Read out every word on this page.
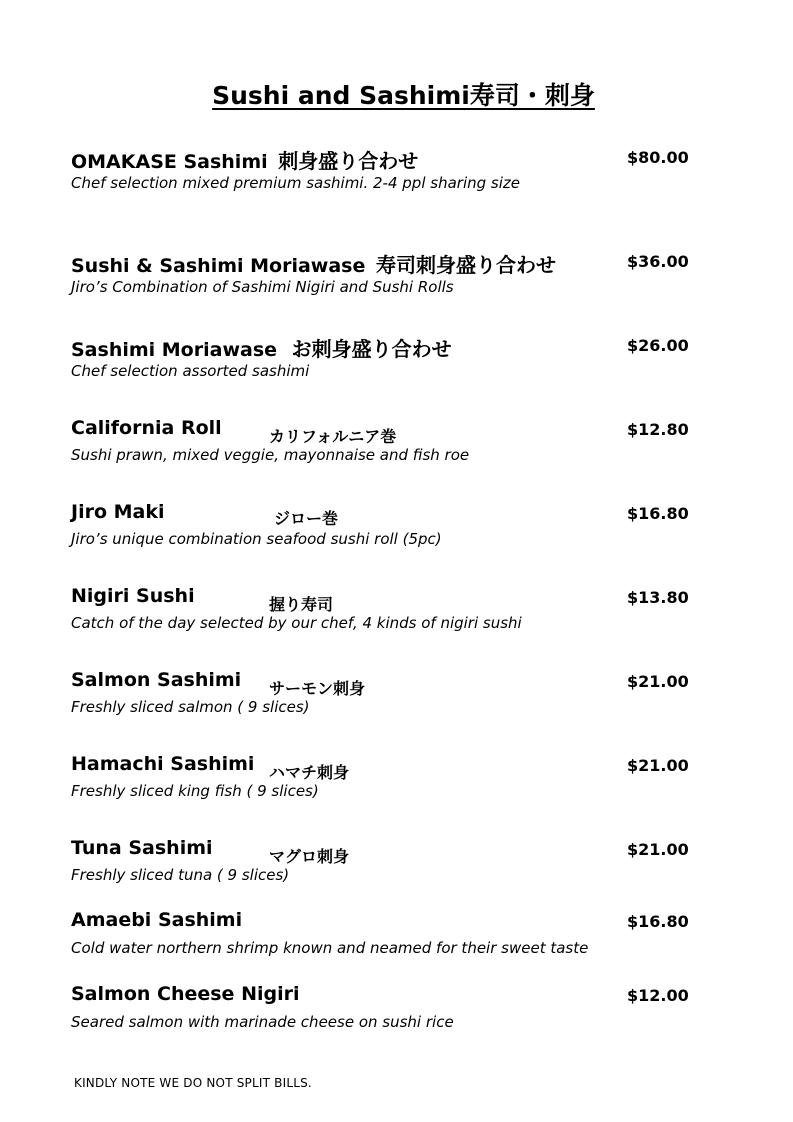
Sushi and Sashimi寿司・刺身
OMAKASE Sashimi 刺身盛り合わせ	$80.00
Chef selection mixed premium sashimi. 2-4 ppl sharing size
Sushi & Sashimi Moriawase 寿司刺身盛り合わせ	$36.00
Jiro’s Combination of Sashimi Nigiri and Sushi Rolls
Sashimi Moriawase お刺身盛り合わせ	$26.00
Chef selection assorted sashimi
California Roll	カリフォルニア巻	$12.80
Sushi prawn, mixed veggie, mayonnaise and fish roe
Jiro Maki	ジロー巻	$16.80
Jiro’s unique combination seafood sushi roll (5pc)
Nigiri Sushi	握り寿司	$13.80
Catch of the day selected by our chef, 4 kinds of nigiri sushi
Salmon Sashimi サーモン刺身	$21.00
Freshly sliced salmon ( 9 slices)
Hamachi Sashimi ハマチ刺身	$21.00
Freshly sliced king fish ( 9 slices)
Tuna Sashimi	マグロ刺身	$21.00
Freshly sliced tuna ( 9 slices)
Amaebi Sashimi	$16.80
Cold water northern shrimp known and neamed for their sweet taste
Salmon Cheese Nigiri	$12.00
Seared salmon with marinade cheese on sushi rice
KINDLY NOTE WE DO NOT SPLIT BILLS.
